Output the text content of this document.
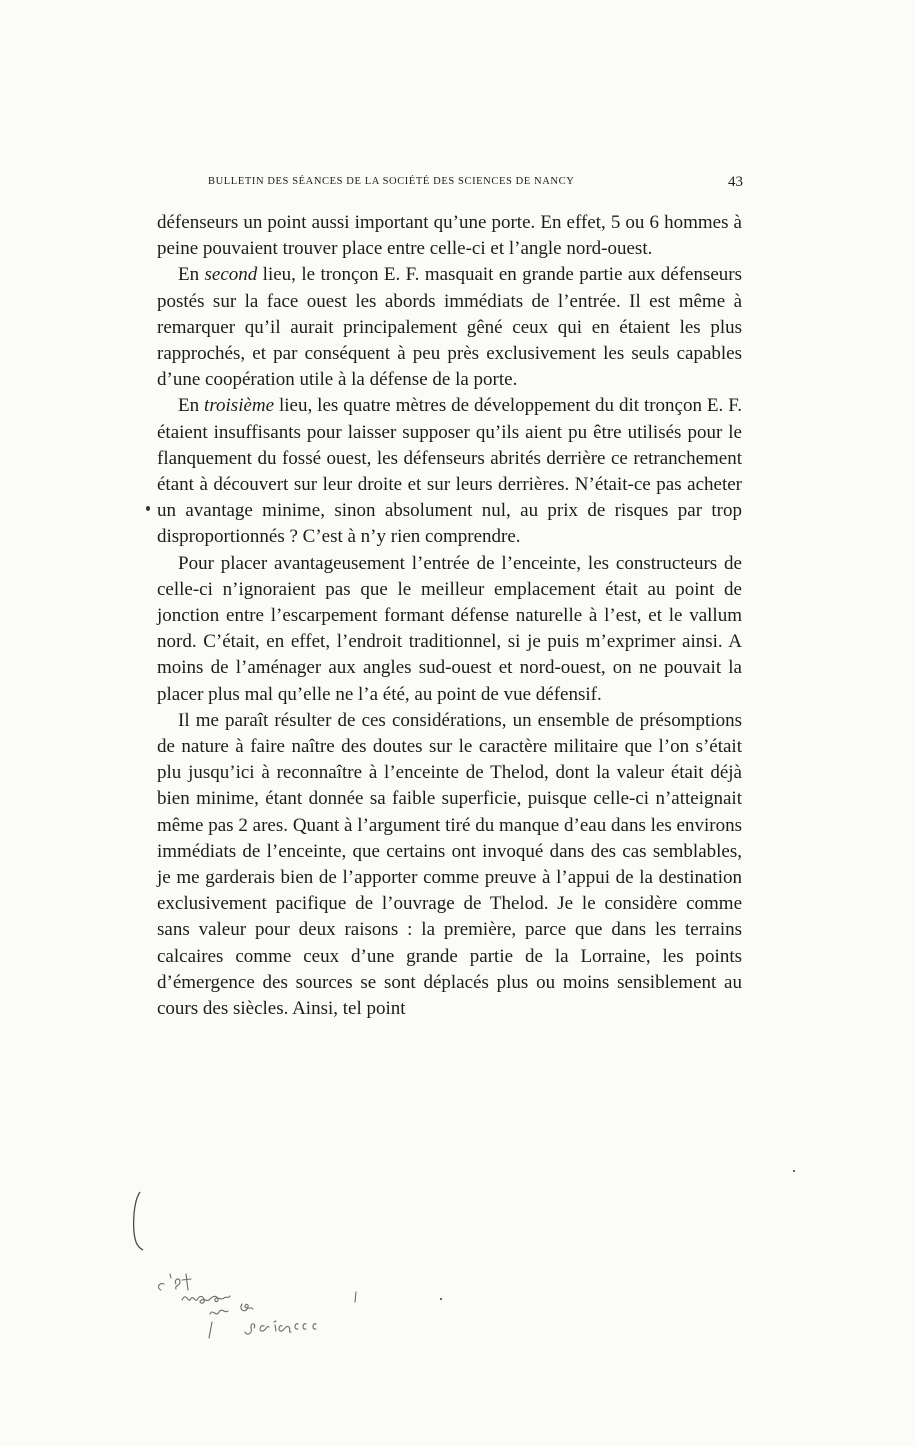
BULLETIN DES SÉANCES DE LA SOCIÉTÉ DES SCIENCES DE NANCY	43

défenseurs un point aussi important qu’une porte. En effet, 5 ou 6 hommes à peine pouvaient trouver place entre celle-ci et l’angle nord-ouest.

En second lieu, le tronçon E. F. masquait en grande partie aux défenseurs postés sur la face ouest les abords immédiats de l’entrée. Il est même à remarquer qu’il aurait principalement gêné ceux qui en étaient les plus rapprochés, et par conséquent à peu près exclusivement les seuls capables d’une coopération utile à la défense de la porte.

En troisième lieu, les quatre mètres de développement du dit tronçon E. F. étaient insuffisants pour laisser supposer qu’ils aient pu être utilisés pour le flanquement du fossé ouest, les défenseurs abrités derrière ce retranchement étant à découvert sur leur droite et sur leurs derrières. N’était-ce pas acheter un avantage minime, sinon absolument nul, au prix de risques par trop disproportionnés ? C’est à n’y rien comprendre.

Pour placer avantageusement l’entrée de l’enceinte, les constructeurs de celle-ci n’ignoraient pas que le meilleur emplacement était au point de jonction entre l’escarpement formant défense naturelle à l’est, et le vallum nord. C’était, en effet, l’endroit traditionnel, si je puis m’exprimer ainsi. A moins de l’aménager aux angles sud-ouest et nord-ouest, on ne pouvait la placer plus mal qu’elle ne l’a été, au point de vue défensif.

Il me paraît résulter de ces considérations, un ensemble de présomptions de nature à faire naître des doutes sur le caractère militaire que l’on s’était plu jusqu’ici à reconnaître à l’enceinte de Thelod, dont la valeur était déjà bien minime, étant donnée sa faible superficie, puisque celle-ci n’atteignait même pas 2 ares. Quant à l’argument tiré du manque d’eau dans les environs immédiats de l’enceinte, que certains ont invoqué dans des cas semblables, je me garderais bien de l’apporter comme preuve à l’appui de la destination exclusivement pacifique de l’ouvrage de Thelod. Je le considère comme sans valeur pour deux raisons : la première, parce que dans les terrains calcaires comme ceux d’une grande partie de la Lorraine, les points d’émergence des sources se sont déplacés plus ou moins sensiblement au cours des siècles. Ainsi, tel point
